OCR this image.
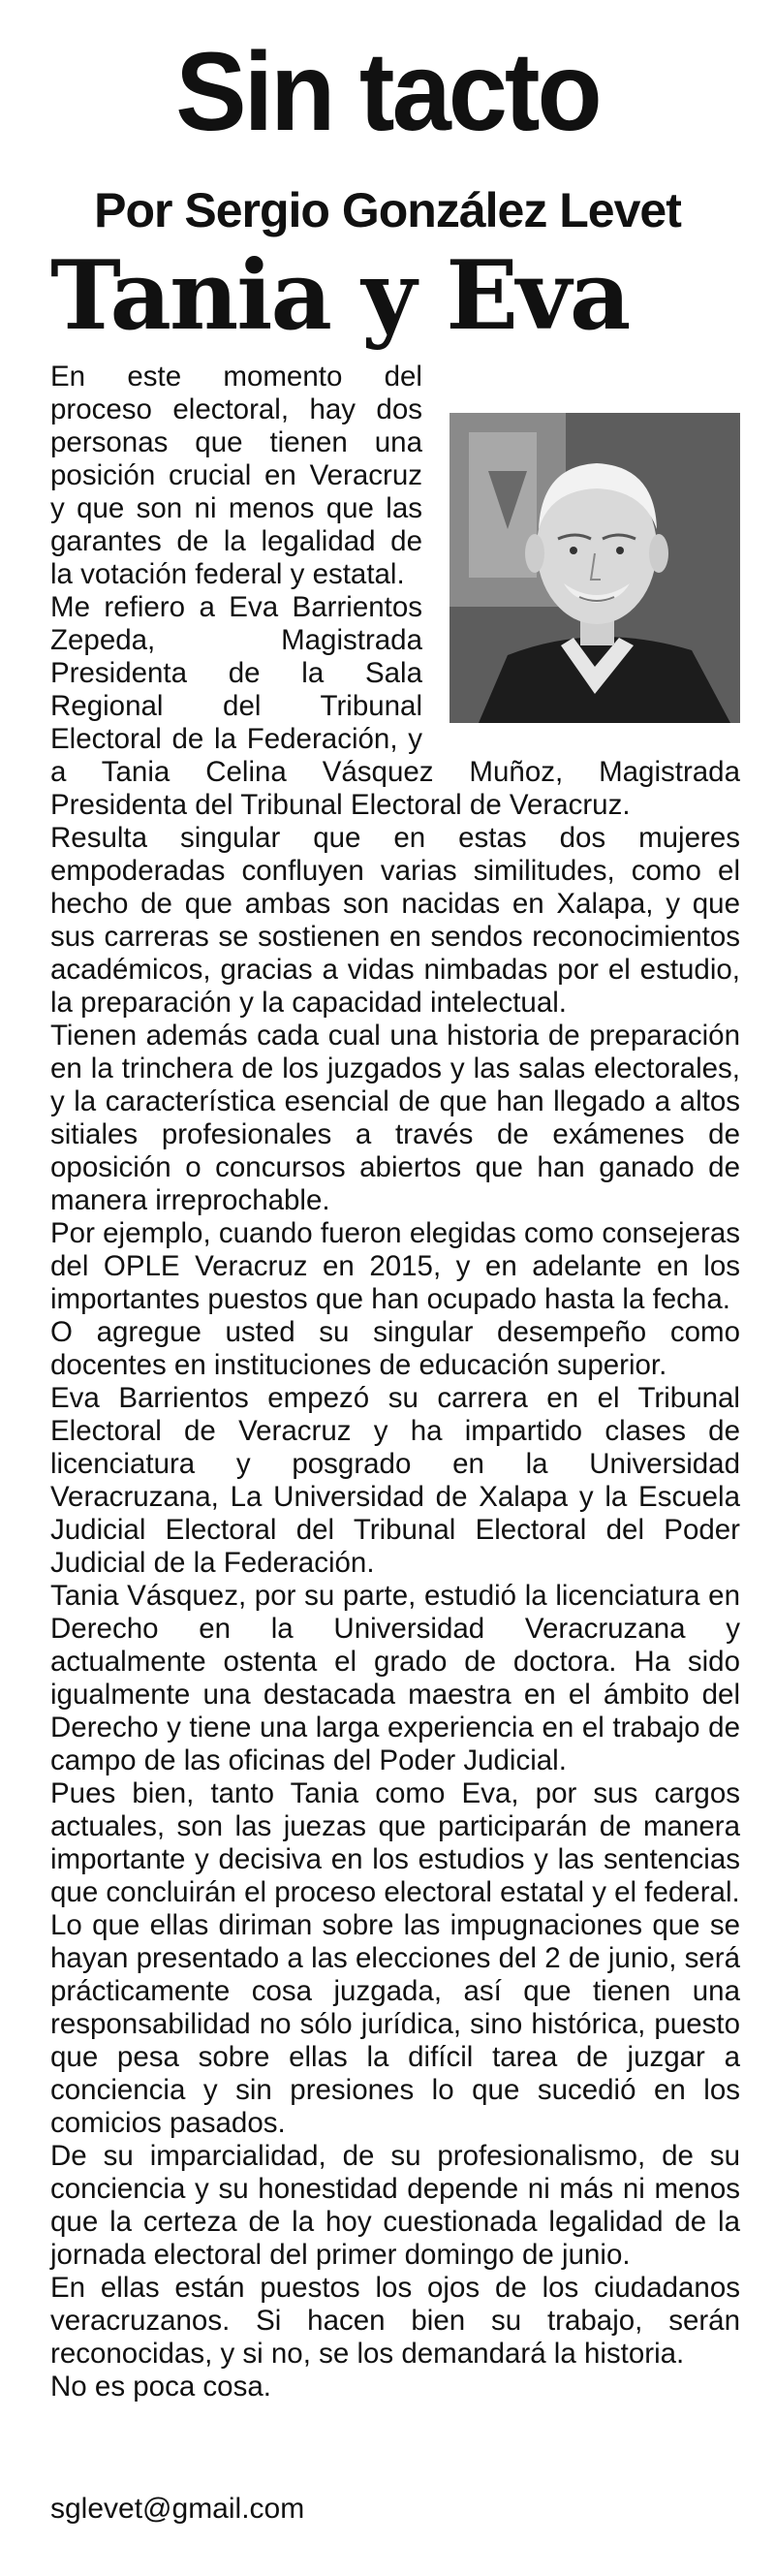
Sin tacto
Por Sergio González Levet
Tania y Eva

En este momento del proceso electoral, hay dos personas que tienen una posición crucial en Veracruz y que son ni menos que las garantes de la legalidad de la votación federal y estatal.

Me refiero a Eva Barrientos Zepeda, Magistrada Presidenta de la Sala Regional del Tribunal Electoral de la Federación, y a Tania Celina Vásquez Muñoz, Magistrada Presidenta del Tribunal Electoral de Veracruz.

Resulta singular que en estas dos mujeres empoderadas confluyen varias similitudes, como el hecho de que ambas son nacidas en Xalapa, y que sus carreras se sostienen en sendos reconocimientos académicos, gracias a vidas nimbadas por el estudio, la preparación y la capacidad intelectual.

Tienen además cada cual una historia de preparación en la trinchera de los juzgados y las salas electorales, y la característica esencial de que han llegado a altos sitiales profesionales a través de exámenes de oposición o concursos abiertos que han ganado de manera irreprochable.

Por ejemplo, cuando fueron elegidas como consejeras del OPLE Veracruz en 2015, y en adelante en los importantes puestos que han ocupado hasta la fecha.

O agregue usted su singular desempeño como docentes en instituciones de educación superior.

Eva Barrientos empezó su carrera en el Tribunal Electoral de Veracruz y ha impartido clases de licenciatura y posgrado en la Universidad Veracruzana, La Universidad de Xalapa y la Escuela Judicial Electoral del Tribunal Electoral del Poder Judicial de la Federación.

Tania Vásquez, por su parte, estudió la licenciatura en Derecho en la Universidad Veracruzana y actualmente ostenta el grado de doctora. Ha sido igualmente una destacada maestra en el ámbito del Derecho y tiene una larga experiencia en el trabajo de campo de las oficinas del Poder Judicial.

Pues bien, tanto Tania como Eva, por sus cargos actuales, son las juezas que participarán de manera importante y decisiva en los estudios y las sentencias que concluirán el proceso electoral estatal y el federal.

Lo que ellas diriman sobre las impugnaciones que se hayan presentado a las elecciones del 2 de junio, será prácticamente cosa juzgada, así que tienen una responsabilidad no sólo jurídica, sino histórica, puesto que pesa sobre ellas la difícil tarea de juzgar a conciencia y sin presiones lo que sucedió en los comicios pasados.

De su imparcialidad, de su profesionalismo, de su conciencia y su honestidad depende ni más ni menos que la certeza de la hoy cuestionada legalidad de la jornada electoral del primer domingo de junio.

En ellas están puestos los ojos de los ciudadanos veracruzanos. Si hacen bien su trabajo, serán reconocidas, y si no, se los demandará la historia.

No es poca cosa.

sglevet@gmail.com
